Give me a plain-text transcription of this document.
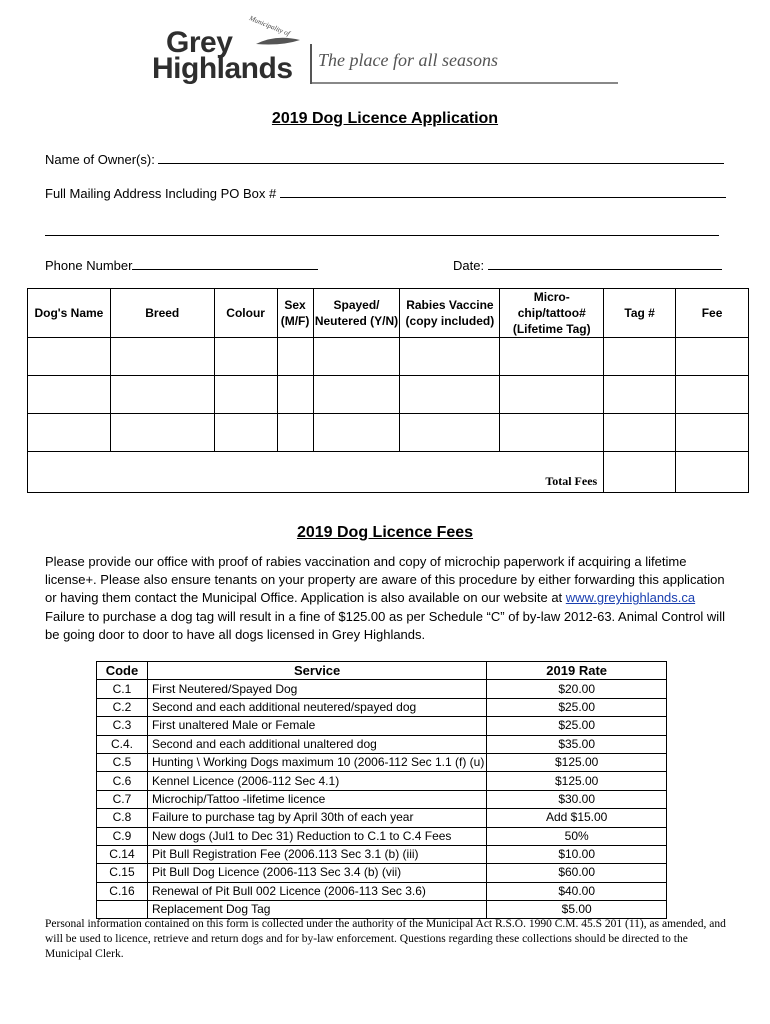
Municipality of
Grey
Highlands The place for all seasons
2019 Dog Licence Application
Name of Owner(s):
Full Mailing Address Including PO Box #
Phone Number	Date:
Dog's Name	Breed	Colour	Sex (M/F)	Spayed/ Neutered (Y/N)	Rabies Vaccine (copy included)	Micro-chip/tattoo# (Lifetime Tag)	Tag #	Fee

Total Fees								
2019 Dog Licence Fees
Please provide our office with proof of rabies vaccination and copy of microchip paperwork if acquiring a lifetime license+. Please also ensure tenants on your property are aware of this procedure by either forwarding this application or having them contact the Municipal Office. Application is also available on our website at www.greyhighlands.ca
Failure to purchase a dog tag will result in a fine of $125.00 as per Schedule “C” of by-law 2012-63. Animal Control will be going door to door to have all dogs licensed in Grey Highlands.
Code	Service	2019 Rate
C.1	First Neutered/Spayed Dog	$20.00
C.2	Second and each additional neutered/spayed dog	$25.00
C.3	First unaltered Male or Female	$25.00
C.4.	Second and each additional unaltered dog	$35.00
C.5	Hunting \ Working Dogs maximum 10 (2006-112 Sec 1.1 (f) (u)	$125.00
C.6	Kennel Licence (2006-112 Sec 4.1)	$125.00
C.7	Microchip/Tattoo -lifetime licence	$30.00
C.8	Failure to purchase tag by April 30th of each year	Add $15.00
C.9	New dogs (Jul1 to Dec 31) Reduction to C.1 to C.4 Fees	50%
C.14	Pit Bull Registration Fee (2006.113 Sec 3.1 (b) (iii)	$10.00
C.15	Pit Bull Dog Licence (2006-113 Sec 3.4 (b) (vii)	$60.00
C.16	Renewal of Pit Bull 002 Licence (2006-113 Sec 3.6)	$40.00
	Replacement Dog Tag	$5.00
Personal information contained on this form is collected under the authority of the Municipal Act R.S.O. 1990 C.M. 45.S 201 (11), as amended, and will be used to licence, retrieve and return dogs and for by-law enforcement. Questions regarding these collections should be directed to the Municipal Clerk.
